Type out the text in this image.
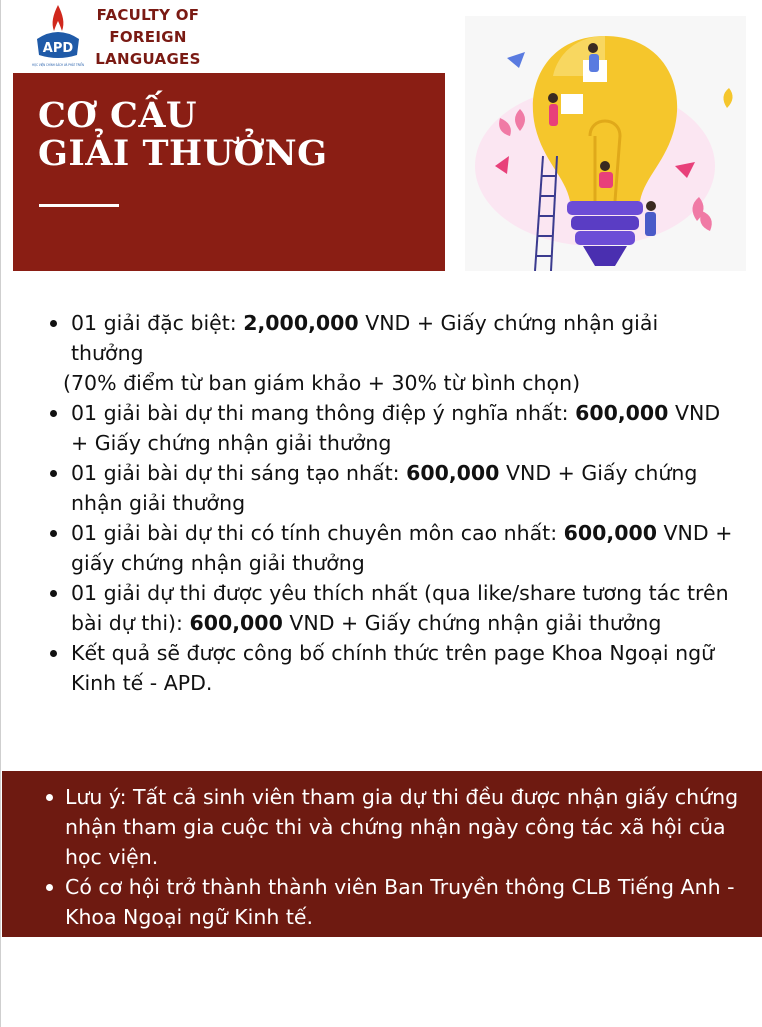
APD
HỌC VIỆN CHÍNH SÁCH VÀ PHÁT TRIỂN
FACULTY OF
FOREIGN
LANGUAGES
CƠ CẤU
GIẢI THƯỞNG
01 giải đặc biệt: 2,000,000 VND + Giấy chứng nhận giải thưởng
(70% điểm từ ban giám khảo + 30% từ bình chọn)
01 giải bài dự thi mang thông điệp ý nghĩa nhất: 600,000 VND + Giấy chứng nhận giải thưởng
01 giải bài dự thi sáng tạo nhất: 600,000 VND + Giấy chứng nhận giải thưởng
01 giải bài dự thi có tính chuyên môn cao nhất: 600,000 VND + giấy chứng nhận giải thưởng
01 giải dự thi được yêu thích nhất (qua like/share tương tác trên bài dự thi): 600,000 VND + Giấy chứng nhận giải thưởng
Kết quả sẽ được công bố chính thức trên page Khoa Ngoại ngữ Kinh tế - APD.
Lưu ý: Tất cả sinh viên tham gia dự thi đều được nhận giấy chứng nhận tham gia cuộc thi và chứng nhận ngày công tác xã hội của học viện.
Có cơ hội trở thành thành viên Ban Truyền thông CLB Tiếng Anh - Khoa Ngoại ngữ Kinh tế.
